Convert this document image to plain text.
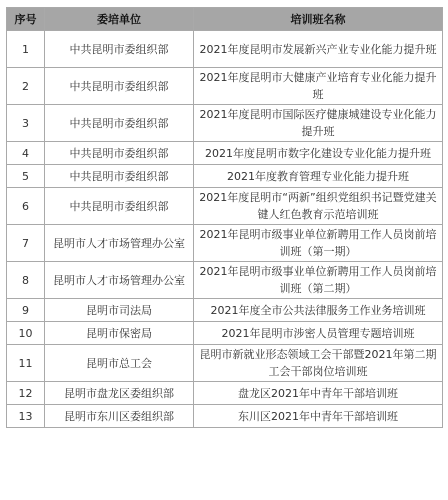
序号	委培单位	培训班名称
1	中共昆明市委组织部	2021年度昆明市发展新兴产业专业化能力提升班
2	中共昆明市委组织部	2021年度昆明市大健康产业培育专业化能力提升班
3	中共昆明市委组织部	2021年度昆明市国际医疗健康城建设专业化能力提升班
4	中共昆明市委组织部	2021年度昆明市数字化建设专业化能力提升班
5	中共昆明市委组织部	2021年度教育管理专业化能力提升班
6	中共昆明市委组织部	2021年度昆明市“两新”组织党组织书记暨党建关键人红色教育示范培训班
7	昆明市人才市场管理办公室	2021年昆明市级事业单位新聘用工作人员岗前培训班（第一期）
8	昆明市人才市场管理办公室	2021年昆明市级事业单位新聘用工作人员岗前培训班（第二期）
9	昆明市司法局	2021年度全市公共法律服务工作业务培训班
10	昆明市保密局	2021年昆明市涉密人员管理专题培训班
11	昆明市总工会	昆明市新就业形态领域工会干部暨2021年第二期工会干部岗位培训班
12	昆明市盘龙区委组织部	盘龙区2021年中青年干部培训班
13	昆明市东川区委组织部	东川区2021年中青年干部培训班
